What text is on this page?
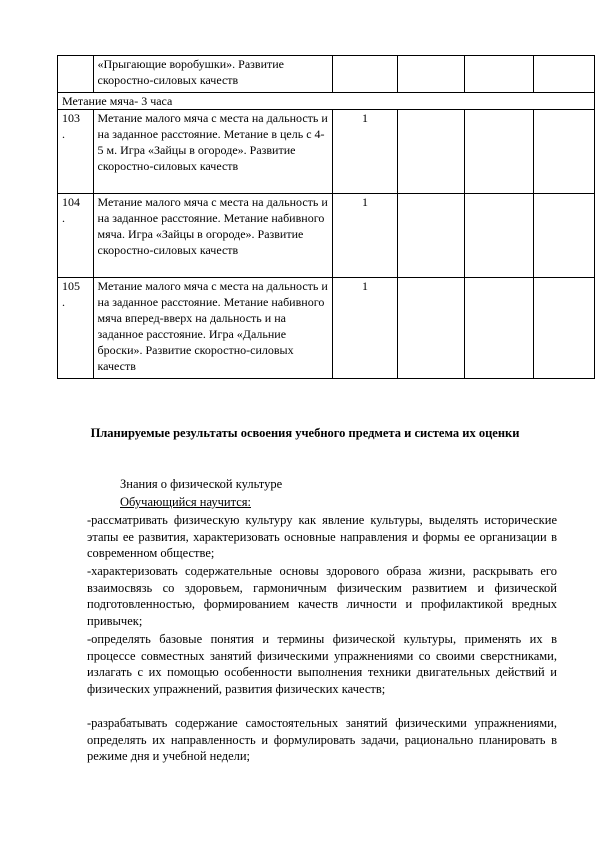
	«Прыгающие воробушки». Развитие скоростно-силовых качеств				
Метание мяча- 3 часа					
103
.	Метание малого мяча с места на дальность и на заданное расстояние. Метание в цель с 4-5 м. Игра «Зайцы в огороде». Развитие скоростно-силовых качеств	1			
104
.	Метание малого мяча с места на дальность и на заданное расстояние. Метание набивного мяча. Игра «Зайцы в огороде». Развитие скоростно-силовых качеств	1			
105
.	Метание малого мяча с места на дальность и на заданное расстояние. Метание набивного мяча вперед-вверх на дальность и на заданное расстояние. Игра «Дальние броски». Развитие скоростно-силовых качеств	1			
Планируемые результаты освоения учебного предмета и система их оценки
Знания о физической культуре
Обучающийся научится:

-рассматривать физическую культуру как явление культуры, выделять исторические этапы ее развития, характеризовать основные направления и формы ее организации в современном обществе;

-характеризовать содержательные основы здорового образа жизни, раскрывать его взаимосвязь со здоровьем, гармоничным физическим развитием и физической подготовленностью, формированием качеств личности и профилактикой вредных привычек;

-определять базовые понятия и термины физической культуры, применять их в процессе совместных занятий физическими упражнениями со своими сверстниками, излагать с их помощью особенности выполнения техники двигательных действий и физических упражнений, развития физических качеств;

-разрабатывать содержание самостоятельных занятий физическими упражнениями, определять их направленность и формулировать задачи, рационально планировать в режиме дня и учебной недели;
